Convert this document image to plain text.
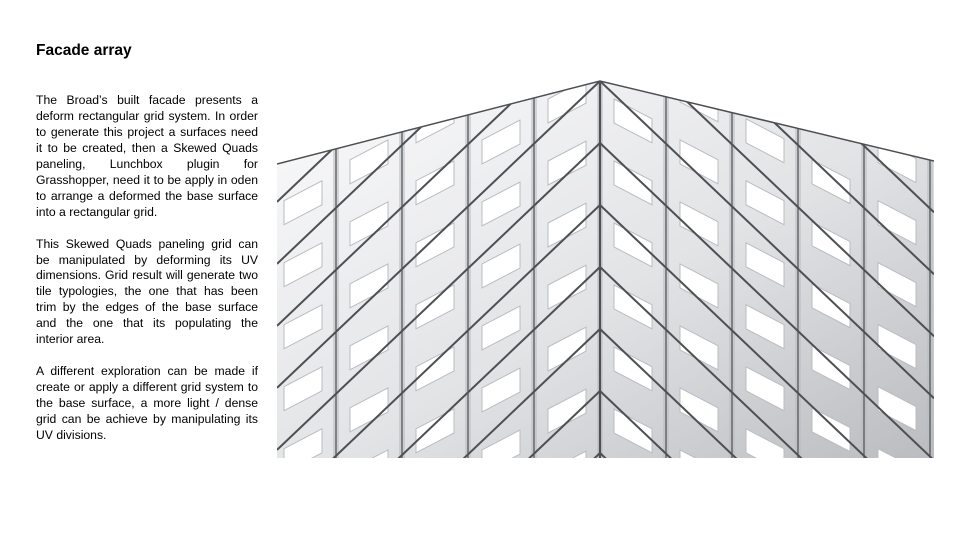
Facade array

The Broad’s built facade presents a deform rectangular grid system. In order to generate this project a surfaces need it to be created, then a Skewed Quads paneling, Lunchbox plugin for Grasshopper, need it to be apply in oden to arrange a deformed the base surface into a rectangular grid.

This Skewed Quads paneling grid can be manipulated by deforming its UV dimensions. Grid result will generate two tile typologies, the one that has been trim by the edges of the base surface and the one that its populating the interior area.

A different exploration can be made if create or apply a different grid system to the base surface, a more light / dense grid can be achieve by manipulating its UV divisions.
